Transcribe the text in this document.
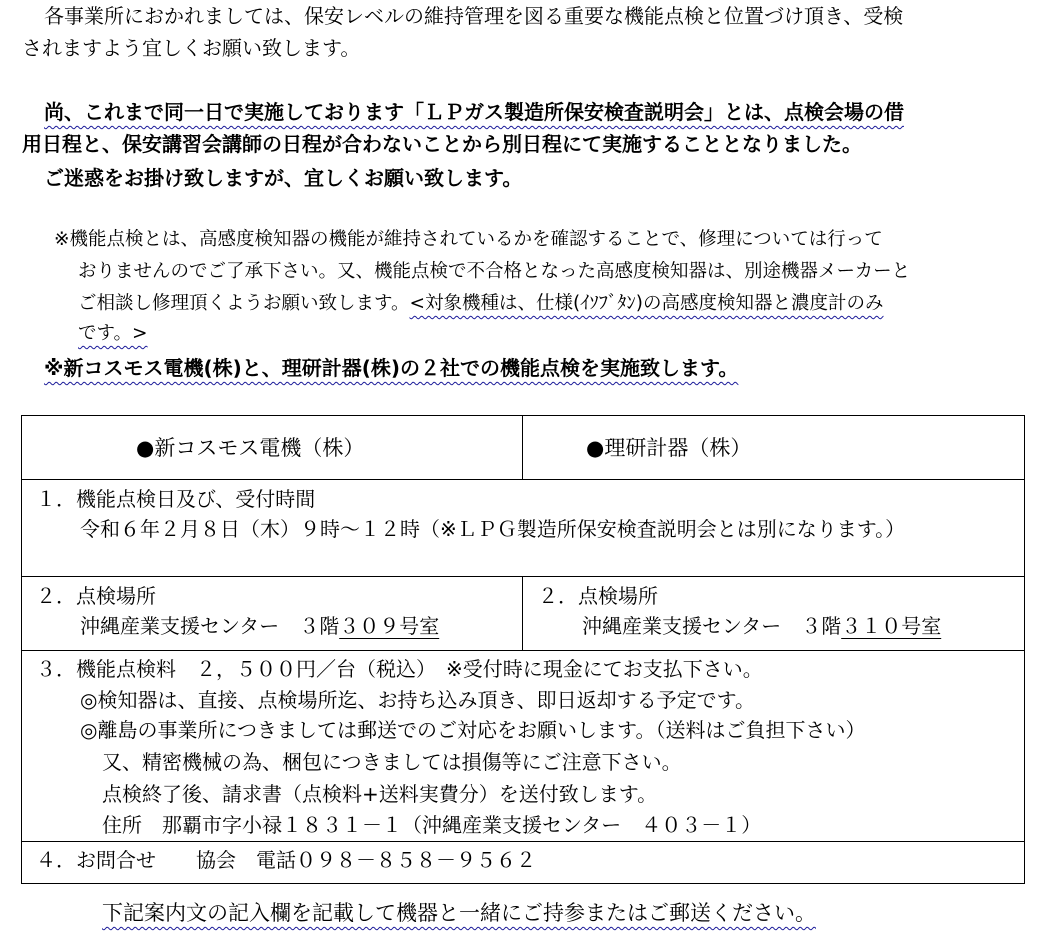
各事業所におかれましては、保安レベルの維持管理を図る重要な機能点検と位置づけ頂き、受検
されますよう宜しくお願い致します。
尚、これまで同一日で実施しております「ＬＰガス製造所保安検査説明会」とは、点検会場の借
用日程と、保安講習会講師の日程が合わないことから別日程にて実施することとなりました。
ご迷惑をお掛け致しますが、宜しくお願い致します。
※機能点検とは、高感度検知器の機能が維持されているかを確認することで、修理については行って
おりませんのでご了承下さい。又、機能点検で不合格となった高感度検知器は、別途機器メーカーと
ご相談し修理頂くようお願い致します。<対象機種は、仕様(ｲｿﾌﾞﾀﾝ)の高感度検知器と濃度計のみ
です。>
※新コスモス電機(株)と、理研計器(株)の２社での機能点検を実施致します。
●新コスモス電機（株）	●理研計器（株）
１．機能点検日及び、受付時間
令和６年２月８日（木）９時～１２時（※ＬＰＧ製造所保安検査説明会とは別になります。）
２．点検場所
沖縄産業支援センター　３階３０９号室
２．点検場所
沖縄産業支援センター　３階３１０号室
３．機能点検料　２，５００円／台（税込）　※受付時に現金にてお支払下さい。
◎検知器は、直接、点検場所迄、お持ち込み頂き、即日返却する予定です。
◎離島の事業所につきましては郵送でのご対応をお願いします。（送料はご負担下さい）
又、精密機械の為、梱包につきましては損傷等にご注意下さい。
点検終了後、請求書（点検料+送料実費分）を送付致します。
住所　那覇市字小禄１８３１－１（沖縄産業支援センター　４０３－１）
４．お問合せ　　協会　電話０９８－８５８－９５６２
下記案内文の記入欄を記載して機器と一緒にご持参またはご郵送ください。
